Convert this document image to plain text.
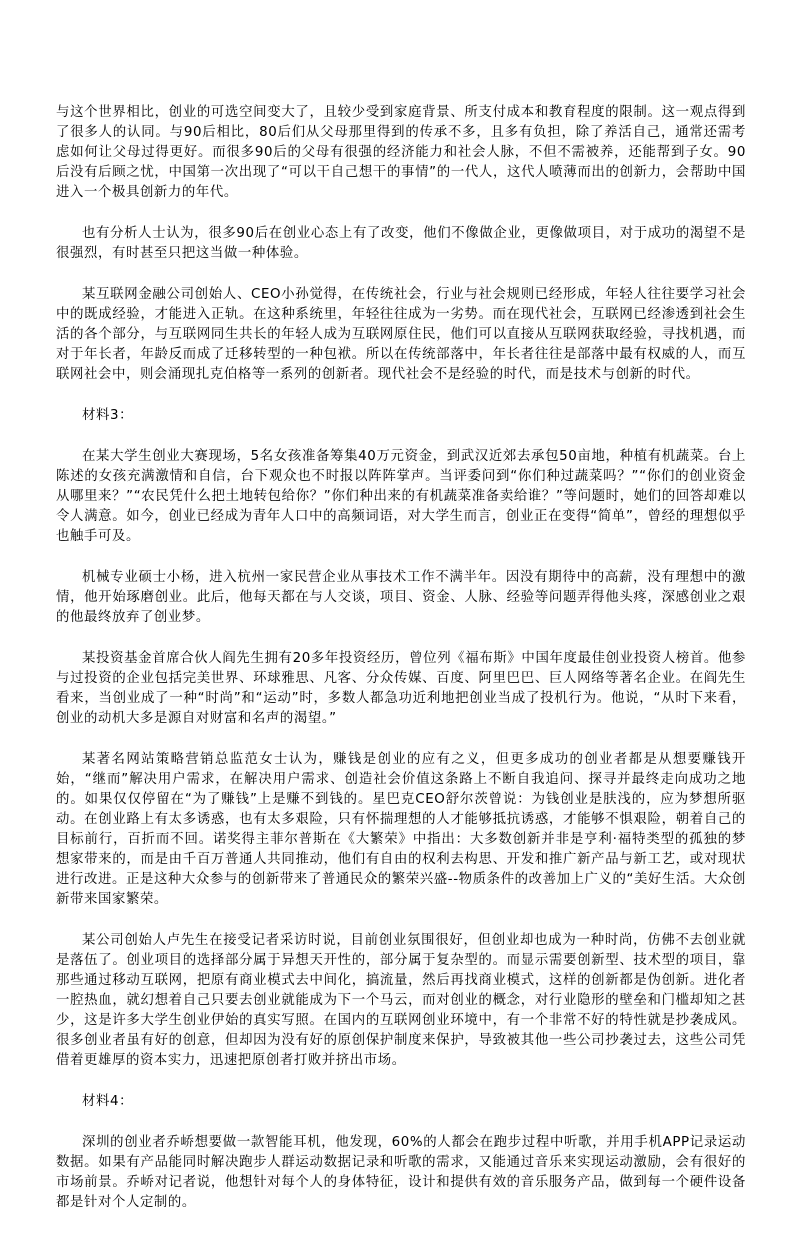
与这个世界相比，创业的可选空间变大了，且较少受到家庭背景、所支付成本和教育程度的限制。这一观点得到了很多人的认同。与90后相比，80后们从父母那里得到的传承不多，且多有负担，除了养活自己，通常还需考虑如何让父母过得更好。而很多90后的父母有很强的经济能力和社会人脉，不但不需被养，还能帮到子女。90后没有后顾之忧，中国第一次出现了“可以干自己想干的事情”的一代人，这代人喷薄而出的创新力，会帮助中国进入一个极具创新力的年代。

也有分析人士认为，很多90后在创业心态上有了改变，他们不像做企业，更像做项目，对于成功的渴望不是很强烈，有时甚至只把这当做一种体验。

某互联网金融公司创始人、CEO小孙觉得，在传统社会，行业与社会规则已经形成，年轻人往往要学习社会中的既成经验，才能进入正轨。在这种系统里，年轻往往成为一劣势。而在现代社会，互联网已经渗透到社会生活的各个部分，与互联网同生共长的年轻人成为互联网原住民，他们可以直接从互联网获取经验，寻找机遇，而对于年长者，年龄反而成了迁移转型的一种包袱。所以在传统部落中，年长者往往是部落中最有权威的人，而互联网社会中，则会涌现扎克伯格等一系列的创新者。现代社会不是经验的时代，而是技术与创新的时代。

材料3：

在某大学生创业大赛现场，5名女孩准备筹集40万元资金，到武汉近郊去承包50亩地，种植有机蔬菜。台上陈述的女孩充满激情和自信，台下观众也不时报以阵阵掌声。当评委问到“你们种过蔬菜吗？”“你们的创业资金从哪里来？”“农民凭什么把土地转包给你？”你们种出来的有机蔬菜准备卖给谁？”等问题时，她们的回答却难以令人满意。如今，创业已经成为青年人口中的高频词语，对大学生而言，创业正在变得“简单”，曾经的理想似乎也触手可及。

机械专业硕士小杨，进入杭州一家民营企业从事技术工作不满半年。因没有期待中的高薪，没有理想中的激情，他开始琢磨创业。此后，他每天都在与人交谈，项目、资金、人脉、经验等问题弄得他头疼，深感创业之艰的他最终放弃了创业梦。

某投资基金首席合伙人阎先生拥有20多年投资经历，曾位列《福布斯》中国年度最佳创业投资人榜首。他参与过投资的企业包括完美世界、环球雅思、凡客、分众传媒、百度、阿里巴巴、巨人网络等著名企业。在阎先生看来，当创业成了一种“时尚”和“运动”时，多数人都急功近利地把创业当成了投机行为。他说，“从时下来看，创业的动机大多是源自对财富和名声的渴望。”

某著名网站策略营销总监范女士认为，赚钱是创业的应有之义，但更多成功的创业者都是从想要赚钱开始，“继而”解决用户需求，在解决用户需求、创造社会价值这条路上不断自我追问、探寻并最终走向成功之地的。如果仅仅停留在“为了赚钱”上是赚不到钱的。星巴克CEO舒尔茨曾说：为钱创业是肤浅的，应为梦想所驱动。在创业路上有太多诱惑，也有太多艰险，只有怀揣理想的人才能够抵抗诱惑，才能够不惧艰险，朝着自己的目标前行，百折而不回。诺奖得主菲尔普斯在《大繁荣》中指出：大多数创新并非是亨利·福特类型的孤独的梦想家带来的，而是由千百万普通人共同推动，他们有自由的权利去构思、开发和推广新产品与新工艺，或对现状进行改进。正是这种大众参与的创新带来了普通民众的繁荣兴盛--物质条件的改善加上广义的“美好生活。大众创新带来国家繁荣。

某公司创始人卢先生在接受记者采访时说，目前创业氛围很好，但创业却也成为一种时尚，仿佛不去创业就是落伍了。创业项目的选择部分属于异想天开性的，部分属于复杂型的。而显示需要创新型、技术型的项目，靠那些通过移动互联网，把原有商业模式去中间化，搞流量，然后再找商业模式，这样的创新都是伪创新。进化者一腔热血，就幻想着自己只要去创业就能成为下一个马云，而对创业的概念，对行业隐形的壁垒和门槛却知之甚少，这是许多大学生创业伊始的真实写照。在国内的互联网创业环境中，有一个非常不好的特性就是抄袭成风。很多创业者虽有好的创意，但却因为没有好的原创保护制度来保护，导致被其他一些公司抄袭过去，这些公司凭借着更雄厚的资本实力，迅速把原创者打败并挤出市场。

材料4：

深圳的创业者乔峤想要做一款智能耳机，他发现，60%的人都会在跑步过程中听歌，并用手机APP记录运动数据。如果有产品能同时解决跑步人群运动数据记录和听歌的需求，又能通过音乐来实现运动激励，会有很好的市场前景。乔峤对记者说，他想针对每个人的身体特征，设计和提供有效的音乐服务产品，做到每一个硬件设备都是针对个人定制的。
